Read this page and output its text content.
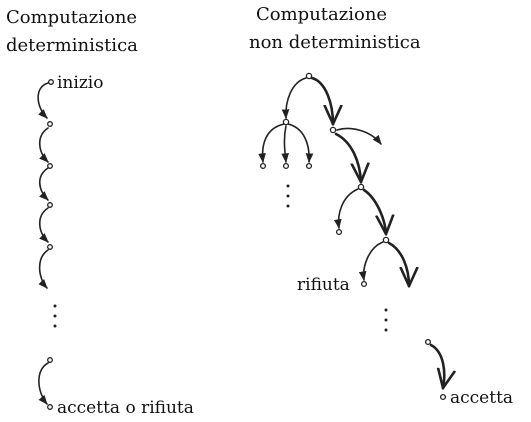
Computazione
deterministica
inizio
accetta o rifiuta
Computazione
non deterministica
rifiuta
accetta
